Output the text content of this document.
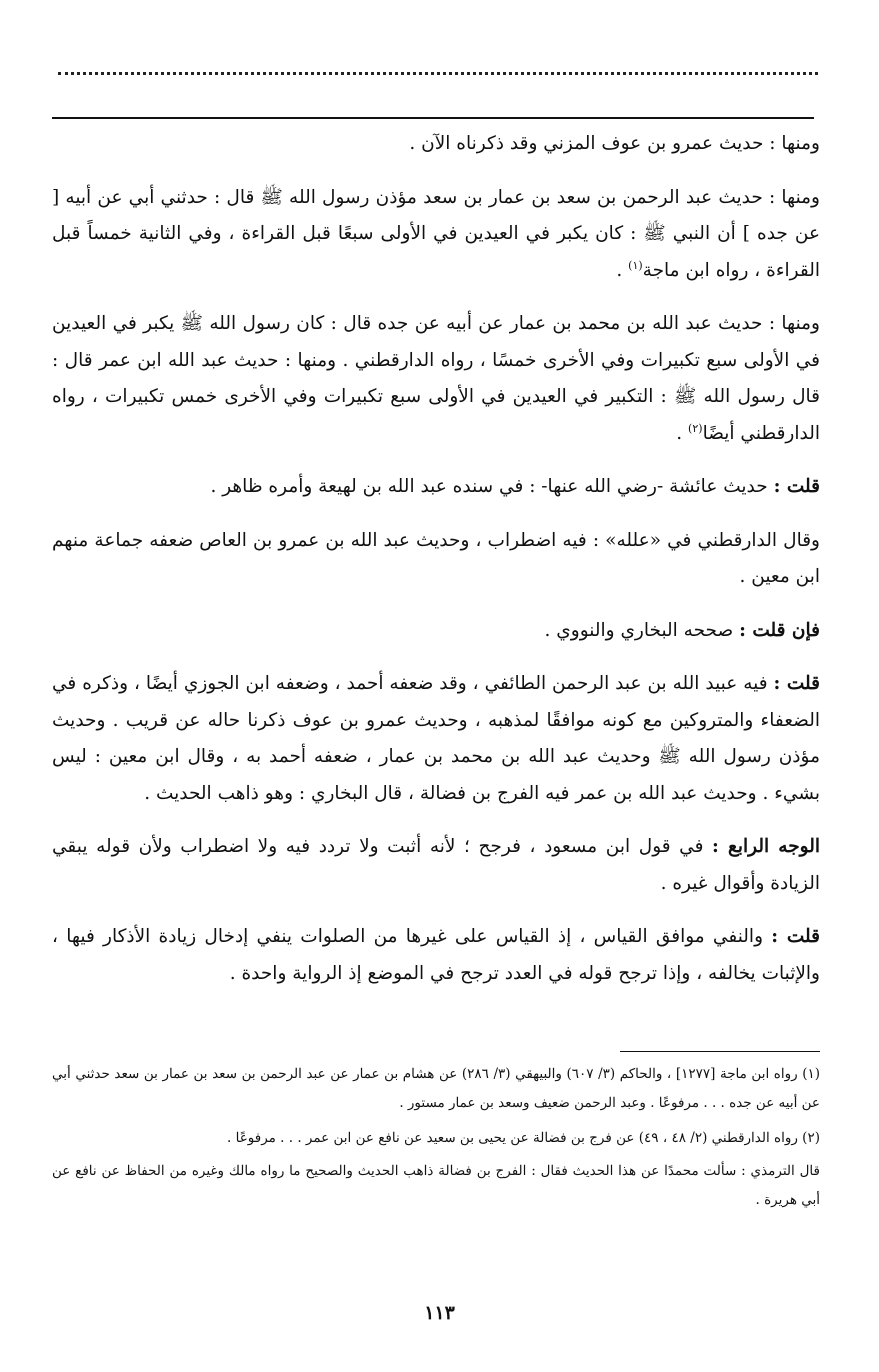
ومنها : حديث عمرو بن عوف المزني وقد ذكرناه الآن .

ومنها : حديث عبد الرحمن بن سعد بن عمار بن سعد مؤذن رسول الله ﷺ قال : حدثني أبي عن أبيه [ عن جده ] أن النبي ﷺ : كان يكبر في العيدين في الأولى سبعًا قبل القراءة ، وفي الثانية خمساً قبل القراءة ، رواه ابن ماجة$^{(١)}$ .

ومنها : حديث عبد الله بن محمد بن عمار عن أبيه عن جده قال : كان رسول الله ﷺ يكبر في العيدين في الأولى سبع تكبيرات وفي الأخرى خمسًا ، رواه الدارقطني . ومنها : حديث عبد الله ابن عمر قال : قال رسول الله ﷺ : التكبير في العيدين في الأولى سبع تكبيرات وفي الأخرى خمس تكبيرات ، رواه الدارقطني أيضًا$^{(٢)}$ .

قلت : حديث عائشة -رضي الله عنها- : في سنده عبد الله بن لهيعة وأمره ظاهر .

وقال الدارقطني في «علله» : فيه اضطراب ، وحديث عبد الله بن عمرو بن العاص ضعفه جماعة منهم ابن معين .

فإن قلت : صححه البخاري والنووي .

قلت : فيه عبيد الله بن عبد الرحمن الطائفي ، وقد ضعفه أحمد ، وضعفه ابن الجوزي أيضًا ، وذكره في الضعفاء والمتروكين مع كونه موافقًا لمذهبه ، وحديث عمرو بن عوف ذكرنا حاله عن قريب . وحديث مؤذن رسول الله ﷺ وحديث عبد الله بن محمد بن عمار ، ضعفه أحمد به ، وقال ابن معين : ليس بشيء . وحديث عبد الله بن عمر فيه الفرج بن فضالة ، قال البخاري : وهو ذاهب الحديث .

الوجه الرابع : في قول ابن مسعود ، فرجح ؛ لأنه أثبت ولا تردد فيه ولا اضطراب ولأن قوله يبقي الزيادة وأقوال غيره .

قلت : والنفي موافق القياس ، إذ القياس على غيرها من الصلوات ينفي إدخال زيادة الأذكار فيها ، والإثبات يخالفه ، وإذا ترجح قوله في العدد ترجح في الموضع إذ الرواية واحدة .

(١) رواه ابن ماجة [١٢٧٧] ، والحاكم (٣/ ٦٠٧) والبيهقي (٣/ ٢٨٦) عن هشام بن عمار عن عبد الرحمن بن سعد بن عمار بن سعد حدثني أبي عن أبيه عن جده . . . مرفوعًا . وعبد الرحمن ضعيف وسعد بن عمار مستور .

(٢) رواه الدارقطني (٢/ ٤٨ ، ٤٩) عن فرج بن فضالة عن يحيى بن سعيد عن نافع عن ابن عمر . . . مرفوعًا .

قال الترمذي : سألت محمدًا عن هذا الحديث فقال : الفرج بن فضالة ذاهب الحديث والصحيح ما رواه مالك وغيره من الحفاظ عن نافع عن أبي هريرة .

١١٣
